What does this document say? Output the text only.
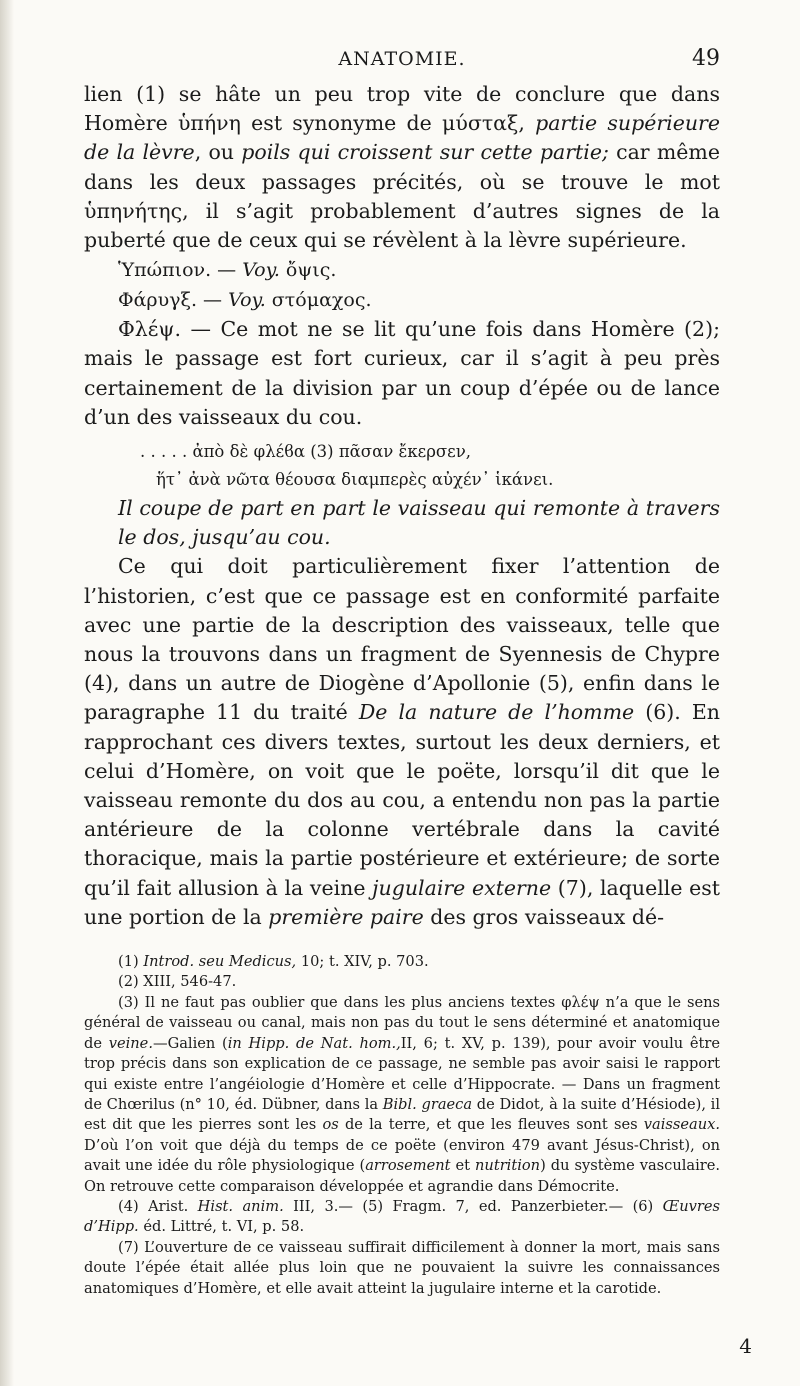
ANATOMIE.	49

lien (1) se hâte un peu trop vite de conclure que dans Homère ὑπήνη est synonyme de μύσταξ, partie supérieure de la lèvre, ou poils qui croissent sur cette partie; car même dans les deux passages précités, où se trouve le mot ὑπηνήτης, il s’agit probablement d’autres signes de la puberté que de ceux qui se révèlent à la lèvre supérieure.

Ὑπώπιον. — Voy. ὄψις.

Φάρυγξ. — Voy. στόμαχος.

Φλέψ. — Ce mot ne se lit qu’une fois dans Homère (2); mais le passage est fort curieux, car il s’agit à peu près certainement de la division par un coup d’épée ou de lance d’un des vaisseaux du cou.

. . . . . ἀπὸ δὲ φλέϐα (3) πᾶσαν ἔκερσεν,
ἥτ᾽ ἀνὰ νῶτα θέουσα διαμπερὲς αὐχέν᾽ ἱκάνει.

Il coupe de part en part le vaisseau qui remonte à travers le dos, jusqu’au cou.

Ce qui doit particulièrement fixer l’attention de l’historien, c’est que ce passage est en conformité parfaite avec une partie de la description des vaisseaux, telle que nous la trouvons dans un fragment de Syennesis de Chypre (4), dans un autre de Diogène d’Apollonie (5), enfin dans le paragraphe 11 du traité De la nature de l’homme (6). En rapprochant ces divers textes, surtout les deux derniers, et celui d’Homère, on voit que le poëte, lorsqu’il dit que le vaisseau remonte du dos au cou, a entendu non pas la partie antérieure de la colonne vertébrale dans la cavité thoracique, mais la partie postérieure et extérieure; de sorte qu’il fait allusion à la veine jugulaire externe (7), laquelle est une portion de la première paire des gros vaisseaux dé-

(1) Introd. seu Medicus, 10; t. XIV, p. 703.

(2) XIII, 546-47.

(3) Il ne faut pas oublier que dans les plus anciens textes φλέψ n’a que le sens général de vaisseau ou canal, mais non pas du tout le sens déterminé et anatomique de veine.—Galien (in Hipp. de Nat. hom.,II, 6; t. XV, p. 139), pour avoir voulu être trop précis dans son explication de ce passage, ne semble pas avoir saisi le rapport qui existe entre l’angéiologie d’Homère et celle d’Hippocrate. — Dans un fragment de Chœrilus (n° 10, éd. Dübner, dans la Bibl. graeca de Didot, à la suite d’Hésiode), il est dit que les pierres sont les os de la terre, et que les fleuves sont ses vaisseaux. D’où l’on voit que déjà du temps de ce poëte (environ 479 avant Jésus-Christ), on avait une idée du rôle physiologique (arrosement et nutrition) du système vasculaire. On retrouve cette comparaison développée et agrandie dans Démocrite.

(4) Arist. Hist. anim. III, 3.— (5) Fragm. 7, ed. Panzerbieter.— (6) Œuvres d’Hipp. éd. Littré, t. VI, p. 58.

(7) L’ouverture de ce vaisseau suffirait difficilement à donner la mort, mais sans doute l’épée était allée plus loin que ne pouvaient la suivre les connaissances anatomiques d’Homère, et elle avait atteint la jugulaire interne et la carotide.

4
